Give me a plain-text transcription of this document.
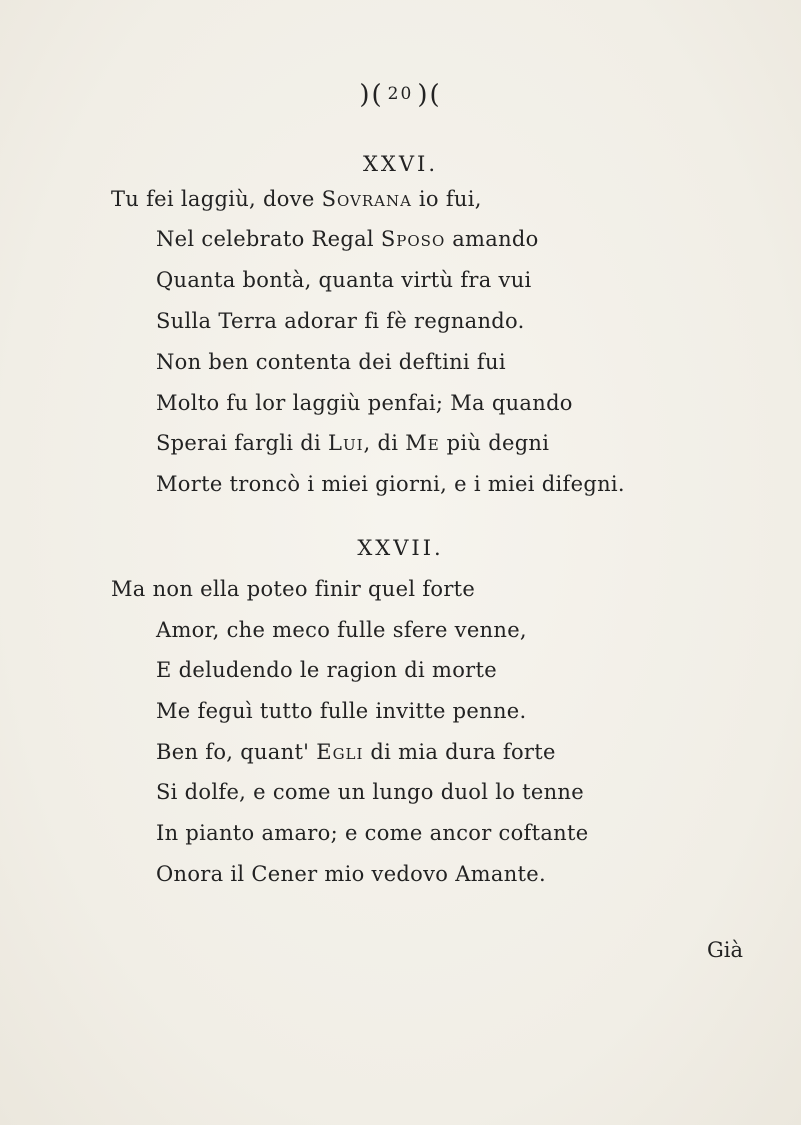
)( 20 )(
XXVI.
Tu fei laggiù, dove Sovrana io fui,
Nel celebrato Regal Sposo amando
Quanta bontà, quanta virtù fra vui
Sulla Terra adorar fi fè regnando.
Non ben contenta dei deftini fui
Molto fu lor laggiù penfai; Ma quando
Sperai fargli di Lui, di Me più degni
Morte troncò i miei giorni, e i miei difegni.
XXVII.
Ma non ella poteo finir quel forte
Amor, che meco fulle sfere venne,
E deludendo le ragion di morte
Me feguì tutto fulle invitte penne.
Ben fo, quant' Egli di mia dura forte
Si dolfe, e come un lungo duol lo tenne
In pianto amaro; e come ancor coftante
Onora il Cener mio vedovo Amante.
Già
